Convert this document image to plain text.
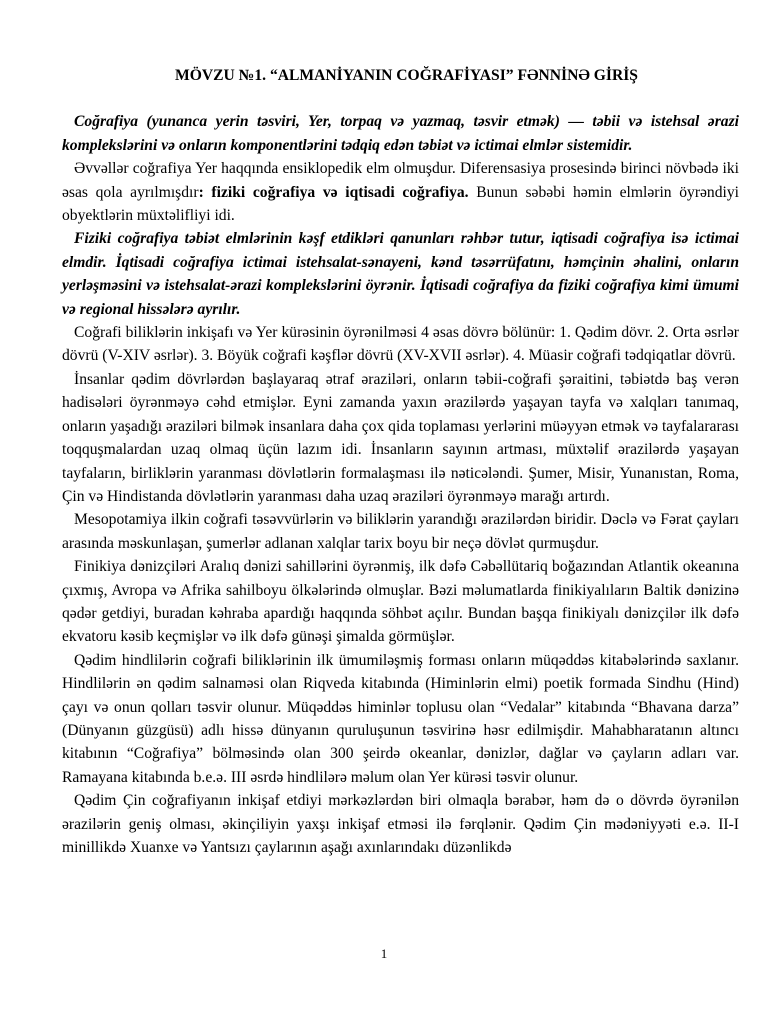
MÖVZU №1. “ALMANİYANIN COĞRAFİYASI” FƏNNİNƏ GİRİŞ

Coğrafiya (yunanca yerin təsviri, Yer, torpaq və yazmaq, təsvir etmək) — təbii və istehsal ərazi komplekslərini və onların komponentlərini tədqiq edən təbiət və ictimai elmlər sistemidir.

Əvvəllər coğrafiya Yer haqqında ensiklopedik elm olmuşdur. Diferensasiya prosesində birinci növbədə iki əsas qola ayrılmışdır: fiziki coğrafiya və iqtisadi coğrafiya. Bunun səbəbi həmin elmlərin öyrəndiyi obyektlərin müxtəlifliyi idi.

Fiziki coğrafiya təbiət elmlərinin kəşf etdikləri qanunları rəhbər tutur, iqtisadi coğrafiya isə ictimai elmdir. İqtisadi coğrafiya ictimai istehsalat-sənayeni, kənd təsərrüfatını, həmçinin əhalini, onların yerləşməsini və istehsalat-ərazi komplekslərini öyrənir. İqtisadi coğrafiya da fiziki coğrafiya kimi ümumi və regional hissələrə ayrılır.

Coğrafi biliklərin inkişafı və Yer kürəsinin öyrənilməsi 4 əsas dövrə bölünür: 1. Qədim dövr. 2. Orta əsrlər dövrü (V-XIV əsrlər). 3. Böyük coğrafi kəşflər dövrü (XV-XVII əsrlər). 4. Müasir coğrafi tədqiqatlar dövrü.

İnsanlar qədim dövrlərdən başlayaraq ətraf əraziləri, onların təbii-coğrafi şəraitini, təbiətdə baş verən hadisələri öyrənməyə cəhd etmişlər. Eyni zamanda yaxın ərazilərdə yaşayan tayfa və xalqları tanımaq, onların yaşadığı əraziləri bilmək insanlara daha çox qida toplaması yerlərini müəyyən etmək və tayfalararası toqquşmalardan uzaq olmaq üçün lazım idi. İnsanların sayının artması, müxtəlif ərazilərdə yaşayan tayfaların, birliklərin yaranması dövlətlərin formalaşması ilə nəticələndi. Şumer, Misir, Yunanıstan, Roma, Çin və Hindistanda dövlətlərin yaranması daha uzaq əraziləri öyrənməyə marağı artırdı.

Mesopotamiya ilkin coğrafi təsəvvürlərin və biliklərin yarandığı ərazilərdən biridir. Dəclə və Fərat çayları arasında məskunlaşan, şumerlər adlanan xalqlar tarix boyu bir neçə dövlət qurmuşdur.

Finikiya dənizçiləri Aralıq dənizi sahillərini öyrənmiş, ilk dəfə Cəbəllütariq boğazından Atlantik okeanına çıxmış, Avropa və Afrika sahilboyu ölkələrində olmuşlar. Bəzi məlumatlarda finikiyalıların Baltik dənizinə qədər getdiyi, buradan kəhraba apardığı haqqında söhbət açılır. Bundan başqa finikiyalı dənizçilər ilk dəfə ekvatoru kəsib keçmişlər və ilk dəfə günəşi şimalda görmüşlər.

Qədim hindlilərin coğrafi biliklərinin ilk ümumiləşmiş forması onların müqəddəs kitabələrində saxlanır. Hindlilərin ən qədim salnaməsi olan Riqveda kitabında (Himinlərin elmi) poetik formada Sindhu (Hind) çayı və onun qolları təsvir olunur. Müqəddəs himinlər toplusu olan “Vedalar” kitabında “Bhavana darza” (Dünyanın güzgüsü) adlı hissə dünyanın quruluşunun təsvirinə həsr edilmişdir. Mahabharatanın altıncı kitabının “Coğrafiya” bölməsində olan 300 şeirdə okeanlar, dənizlər, dağlar və çayların adları var. Ramayana kitabında b.e.ə. III əsrdə hindlilərə məlum olan Yer kürəsi təsvir olunur.

Qədim Çin coğrafiyanın inkişaf etdiyi mərkəzlərdən biri olmaqla bərabər, həm də o dövrdə öyrənilən ərazilərin geniş olması, əkinçiliyin yaxşı inkişaf etməsi ilə fərqlənir. Qədim Çin mədəniyyəti e.ə. II-I minillikdə Xuanxe və Yantsızı çaylarının aşağı axınlarındakı düzənlikdə

1
